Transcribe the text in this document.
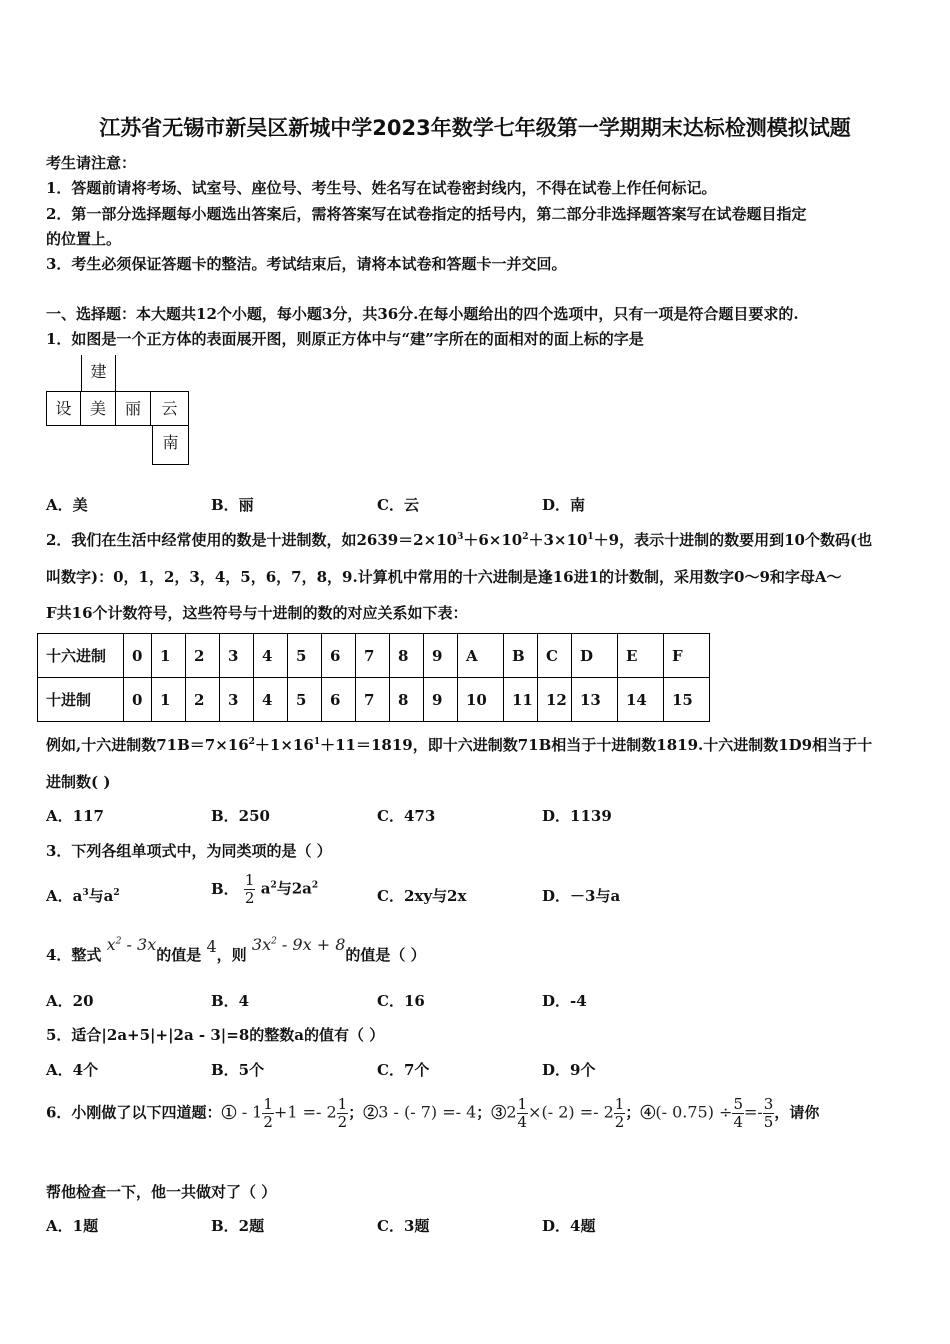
江苏省无锡市新吴区新城中学2023年数学七年级第一学期期末达标检测模拟试题
考生请注意：
1．答题前请将考场、试室号、座位号、考生号、姓名写在试卷密封线内，不得在试卷上作任何标记。
2．第一部分选择题每小题选出答案后，需将答案写在试卷指定的括号内，第二部分非选择题答案写在试卷题目指定
的位置上。
3．考生必须保证答题卡的整洁。考试结束后，请将本试卷和答题卡一并交回。
一、选择题：本大题共12个小题，每小题3分，共36分.在每小题给出的四个选项中，只有一项是符合题目要求的.
1．如图是一个正方体的表面展开图，则原正方体中与“建”字所在的面相对的面上标的字是
建
设	美	丽	云
南
A．美	B．丽	C．云	D．南
2．我们在生活中经常使用的数是十进制数，如$2639=2\times 10^3+6\times 10^2+3\times 10^1+9$，表示十进制的数要用到10个数码(也
叫数字)：0，1，2，3，4，5，6，7，8，9.计算机中常用的十六进制是逢16进1的计数制，采用数字0～9和字母A～
F共16个计数符号，这些符号与十进制的数的对应关系如下表：
十六进制	0	1	2	3	4	5	6	7	8	9	A	B	C	D	E	F
十进制	0	1	2	3	4	5	6	7	8	9	10	11	12	13	14	15
例如,十六进制数$71B=7\times 16^2+1\times 16^1+11=1819$，即十六进制数71B相当于十进制数1819.十六进制数1D9相当于十
进制数( )
A．117	B．250	C．473	D．1139
3．下列各组单项式中，为同类项的是（ ）
A．$a^3$与$a^2$	B． $\frac{1}{2} a^2$与$2a^2$
C．2xy与2x	D．－3与a
4．整式 $x^2 - 3x$的值是 4，则 $3x^2 - 9x + 8$的值是（ ）
A．20	B．4	C．16	D．-4
5．适合|2a+5|+|2a - 3|=8的整数a的值有（ ）
A．4个	B．5个	C．7个	D．9个
6．小刚做了以下四道题：① - $1 \frac{1}{2} +1 =- 2 \frac{1}{2}$ ；②3 - (- 7) =- 4；③2 $\frac{1}{4}$ ×(- $2) =- 2 \frac{1}{2}$ ；④(- $0.75) \div \frac{5}{4} =- \frac{3}{5}$ ，请你
帮他检查一下，他一共做对了（ ）
A．1题	B．2题	C．3题	D．4题
